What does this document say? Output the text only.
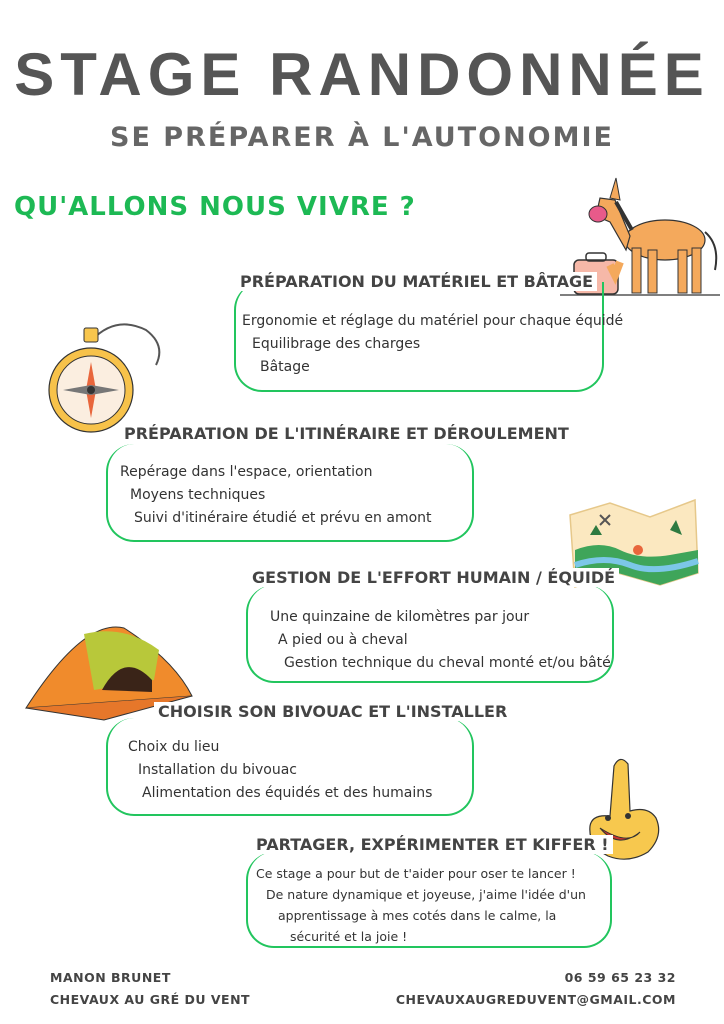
STAGE RANDONNÉE
SE PRÉPARER À L'AUTONOMIE
QU'ALLONS NOUS VIVRE ?
PRÉPARATION DU MATÉRIEL ET BÂTAGE
Ergonomie et réglage du matériel pour chaque équidé
Equilibrage des charges
Bâtage
PRÉPARATION DE L'ITINÉRAIRE ET DÉROULEMENT
Repérage dans l'espace, orientation
Moyens techniques
Suivi d'itinéraire étudié et prévu en amont
GESTION DE L'EFFORT HUMAIN / ÉQUIDÉ
Une quinzaine de kilomètres par jour
A pied ou à cheval
Gestion technique du cheval monté et/ou bâté
CHOISIR SON BIVOUAC ET L'INSTALLER
Choix du lieu
Installation du bivouac
Alimentation des équidés et des humains
PARTAGER, EXPÉRIMENTER ET KIFFER !
Ce stage a pour but de t'aider pour oser te lancer !
De nature dynamique et joyeuse, j'aime l'idée d'un
apprentissage à mes cotés dans le calme, la
sécurité et la joie !
MANON BRUNET
CHEVAUX AU GRÉ DU VENT
06 59 65 23 32
CHEVAUXAUGREDUVENT@GMAIL.COM
